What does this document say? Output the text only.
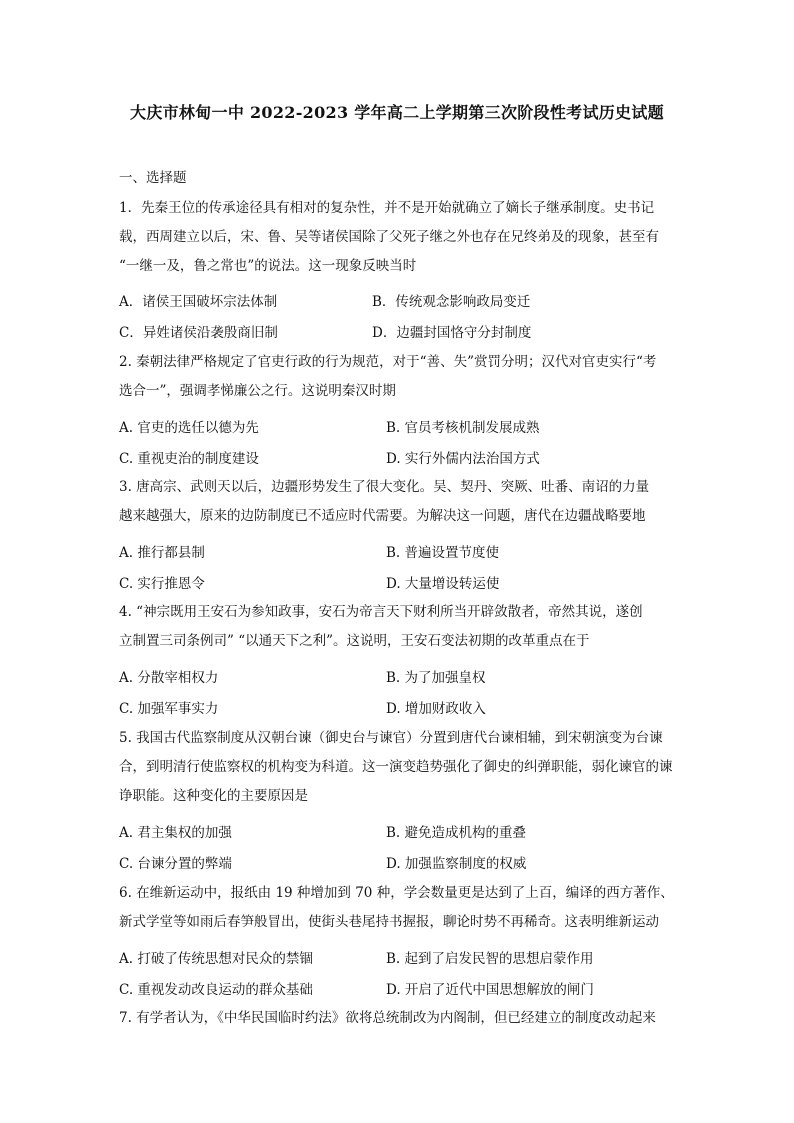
大庆市林甸一中 2022-2023 学年高二上学期第三次阶段性考试历史试题
一、选择题
1．先秦王位的传承途径具有相对的复杂性，并不是开始就确立了嫡长子继承制度。史书记
载，西周建立以后，宋、鲁、吴等诸侯国除了父死子继之外也存在兄终弟及的现象，甚至有
“一继一及，鲁之常也”的说法。这一现象反映当时
A．诸侯王国破坏宗法体制	B．传统观念影响政局变迁
C．异姓诸侯沿袭殷商旧制	D．边疆封国恪守分封制度
2. 秦朝法律严格规定了官吏行政的行为规范，对于“善、失”赏罚分明；汉代对官吏实行“考
选合一”，强调孝悌廉公之行。这说明秦汉时期
A. 官吏的选任以德为先	B. 官员考核机制发展成熟
C. 重视吏治的制度建设	D. 实行外儒内法治国方式
3. 唐高宗、武则天以后，边疆形势发生了很大变化。吴、契丹、突厥、吐番、南诏的力量
越来越强大，原来的边防制度已不适应时代需要。为解决这一问题，唐代在边疆战略要地
A. 推行都县制	B. 普遍设置节度使
C. 实行推恩令	D. 大量增设转运使
4. “神宗既用王安石为参知政事，安石为帝言天下财利所当开辟敛散者，帝然其说，遂创
立制置三司条例司” “以通天下之利”。这说明，王安石变法初期的改革重点在于
A. 分散宰相权力	B. 为了加强皇权
C. 加强军事实力	D. 增加财政收入
5. 我国古代监察制度从汉朝台谏（御史台与谏官）分置到唐代台谏相辅，到宋朝演变为台谏
合，到明清行使监察权的机构变为科道。这一演变趋势强化了御史的纠弹职能，弱化谏官的谏
诤职能。这种变化的主要原因是
A. 君主集权的加强	B. 避免造成机构的重叠
C. 台谏分置的弊端	D. 加强监察制度的权威
6. 在维新运动中，报纸由 19 种增加到 70 种，学会数量更是达到了上百，编译的西方著作、
新式学堂等如雨后春笋般冒出，使街头巷尾持书握报，聊论时势不再稀奇。这表明维新运动
A. 打破了传统思想对民众的禁锢	B. 起到了启发民智的思想启蒙作用
C. 重视发动改良运动的群众基础	D. 开启了近代中国思想解放的闸门
7. 有学者认为，《中华民国临时约法》欲将总统制改为内阁制，但已经建立的制度改动起来
